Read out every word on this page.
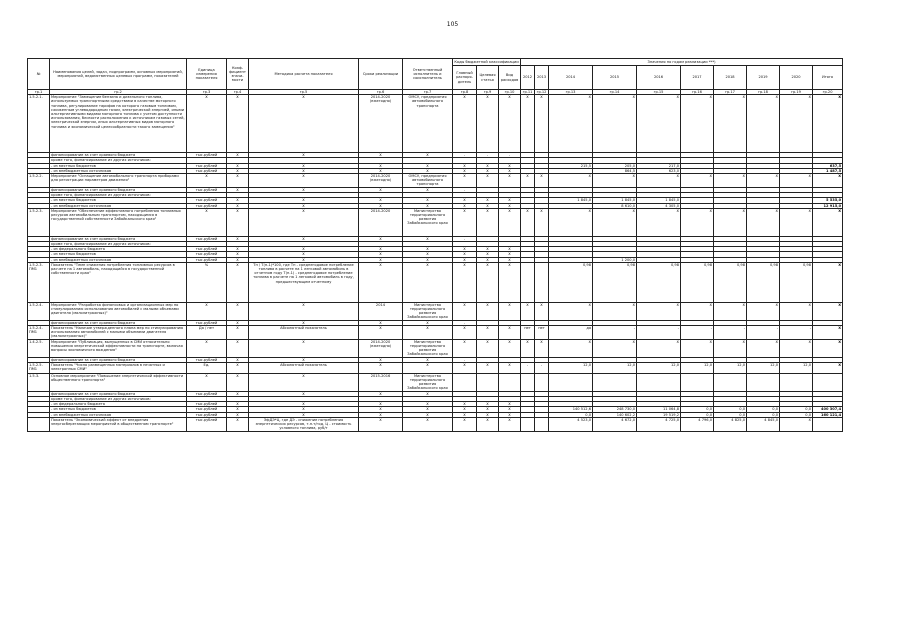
105
№	Наименования целей, задач, подпрограмм, основных мероприятий, мероприятий, ведомственных целевых программ, показателей	Единица измерения показателя	Коэф-фициент значи-мости	Методика расчета показателя	Сроки реализации	Ответственный исполнитель и соисполнитель	Коды бюджетной классификации			Значения по годам реализации ***)									
							Главный распоря-дитель	Целевая статья	Вид расходов	2012	2013	2014	2015	2016	2017	2018	2019	2020	Итого
гр.1	гр.2	гр.3	гр.4	гр.5	гр.6	гр.7	гр.8	гр.9	гр.10	гр.11	гр.12	гр.13	гр.14	гр.15	гр.16	гр.17	гр.18	гр.19	гр.20
1.5.2.1.	Мероприятие "Замещение бензина и дизельного топлива, используемых транспортными средствами в качестве моторного топлива, регулирование тарифов на которого газовым топливом, сжиженным углеводородным газом, электрической энергией, иными альтернативными видами моторного топлива с учетом доступности использования, близости расположения к источникам газовых сетей, электрической энергии, иных альтернативных видов моторного топлива и экономической целесообразности такого замещения"	X	X	X	2014-2020 (ежегодно)	ОМСУ, предприятия автомобильного транспорта	X	X	X	X	X	X	X	X	X	X	X	X	X
	финансирование за счет краевого бюджета	тыс.рублей	X	X	X	X	-	-	-										
	кроме того, финансирование из других источников:																		
	- из местных бюджетов	тыс.рублей	X	X	X	X	X	X	X			215,5	205,0	217,0					637,5
	- из внебюджетных источников	тыс.рублей	X	X	X	X	X	X	X				864,5	623,0					1 487,5
1.5.2.2.	Мероприятие "Оснащение автомобильного транспорта приборами для регистрации параметров движения"	X	X	X	2014-2020 (ежегодно)	ОМСУ, предприятия автомобильного транспорта	X	X	X	X	X	X	X	X	X	X	X	X	X
	финансирование за счет краевого бюджета	тыс.рублей	X	X	X	X	-												
	кроме того, финансирование из других источников:																		
	- из местных бюджетов	тыс.рублей	X	X	X	X	X	X	X			1 845,0	1 845,0	1 845,0					5 535,0
	- из внебюджетных источников	тыс.рублей	X	X	X	X	X	X	X				8 610,0	4 305,0					12 915,0
1.5.2.3.	Мероприятие "Обеспечение эффективного потребления топливных ресурсов автомобильным транспортом, находящимся в государственной собственности Забайкальского края"	X	X	X	2014-2020	Министерство территориального развития Забайкальского края	X	X	X	X	X	X	X	X	X	X	X	X	X
	финансирование за счет краевого бюджета	тыс.рублей	X	X	X	X	-												
	кроме того, финансирование из других источников:																		
	- из федерального бюджета	тыс.рублей	X	X	X	X	X	X	X										
	- из местных бюджетов	тыс.рублей	X	X	X	X	X	X	X										
	- из внебюджетных источников	тыс.рублей	X	X	X	X	X	X	X				1 200,0						
1.5.2.3. ПМ1	Показатель "Темп снижения потребления топливных ресурсов в расчете на 1 автомобиль, находящийся в государственной собственности края"	%	X	Тп / Т(п-1)*100, где Тп - среднегодовое потребление топлива в расчете на 1 легковой автомобиль в отчетном году Т(п-1) - среднегодовое потребление топлива в расчете на 1 легковой автомобиль в году, предшествующем отчетному	X	X	X	X	X			0,98	0,98	0,98	0,98	0,98	0,98	0,98	X
1.5.2.4.	Мероприятие "Разработка финансовых и организационных мер по стимулированию использования автомобилей с малыми объемами двигателя (малолитражных)"	X	X	X	2014	Министерство территориального развития Забайкальского края	X	X	X	X	X	X	X	X	X	X	X	X	X
	финансирование за счет краевого бюджета	тыс.рублей	X	X	X	X	-												
1.5.2.4. ПМ1	Показатель "Наличие утвержденного плана мер по стимулированию использования автомобилей с малыми объемами двигателя (малолитражных)"	Да / нет	X	Абсолютный показатель	X	X	X	X	X	нет	нет	да	-	-	-	-	-	-	X
1.4.2.5.	Мероприятие "Публикация, выпущенных в СМИ относительно повышения энергетической эффективности на транспорте, включая вопросы экономичного вождения"	X	X	X	2014-2020 (ежегодно)	Министерство территориального развития Забайкальского края	X	X	X	X	X	X	X	X	X	X	X	X	X
	финансирование за счет краевого бюджета	тыс.рублей	X	X	X	X	-												
1.5.2.5. ПМ1	Показатель "Число размещенных материалов в печатных и электронных СМИ"	Ед.	X	Абсолютный показатель	X	X	X	X	X	-	-	12,0	12,0	12,0	12,0	12,0	12,0	12,0	X
1.5.3.	Основное мероприятие "Повышение энергетической эффективности общественного транспорта"	X	X	X	2015-2016	Министерство территориального развития Забайкальского края													
	финансирование за счет краевого бюджета	тыс.рублей	X	X	X	X													
	кроме того, финансирование из других источников:																		
	- из федерального бюджета	тыс.рублей	X	X	X	X	X	X	X										
	- из местных бюджетов	тыс.рублей	X	X	X	X	X	X	X			140 512,6	248 730,0	11 064,8	0,0	0,0	0,0	0,0	400 307,4
	- из внебюджетных источников	тыс.рублей	X	X	X	X	X	X	X			0,0	140 602,2	19 519,2	0,0	0,0	0,0	0,0	160 121,4
	Показатель "Экономический эффект от внедрения энергосберегающих мероприятий в общественном транспорте"	тыс.рублей	X	ЭфДЭ*Ц, где ДЭ - снижение потребления энергетических ресурсов, т.н.т/год, Ц - стоимость условного топлива, руб/т	X	X	X	X	X			4 523,0	4 672,0	4 725,0	4 796,0	4 825,0	4 845,0	X	
